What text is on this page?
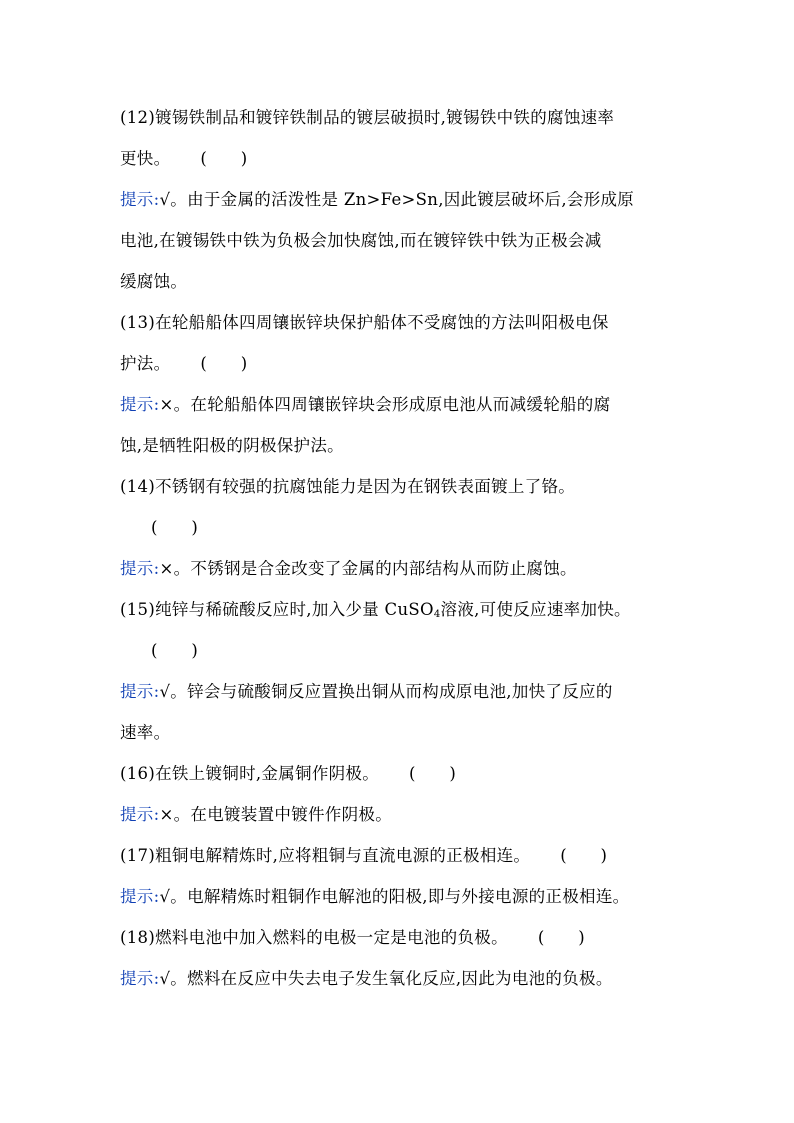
(12)镀锡铁制品和镀锌铁制品的镀层破损时,镀锡铁中铁的腐蚀速率
更快。 (　　)
提示:√。由于金属的活泼性是 Zn>Fe>Sn,因此镀层破坏后,会形成原
电池,在镀锡铁中铁为负极会加快腐蚀,而在镀锌铁中铁为正极会减
缓腐蚀。
(13)在轮船船体四周镶嵌锌块保护船体不受腐蚀的方法叫阳极电保
护法。 (　　)
提示:×。在轮船船体四周镶嵌锌块会形成原电池从而减缓轮船的腐
蚀,是牺牲阳极的阴极保护法。
(14)不锈钢有较强的抗腐蚀能力是因为在钢铁表面镀上了铬。
(　　)
提示:×。不锈钢是合金改变了金属的内部结构从而防止腐蚀。
(15)纯锌与稀硫酸反应时,加入少量 CuSO$_4$溶液,可使反应速率加快。
(　　)
提示:√。锌会与硫酸铜反应置换出铜从而构成原电池,加快了反应的
速率。
(16)在铁上镀铜时,金属铜作阴极。 (　　)
提示:×。在电镀装置中镀件作阴极。
(17)粗铜电解精炼时,应将粗铜与直流电源的正极相连。 (　　)
提示:√。电解精炼时粗铜作电解池的阳极,即与外接电源的正极相连。
(18)燃料电池中加入燃料的电极一定是电池的负极。 (　　)
提示:√。燃料在反应中失去电子发生氧化反应,因此为电池的负极。
